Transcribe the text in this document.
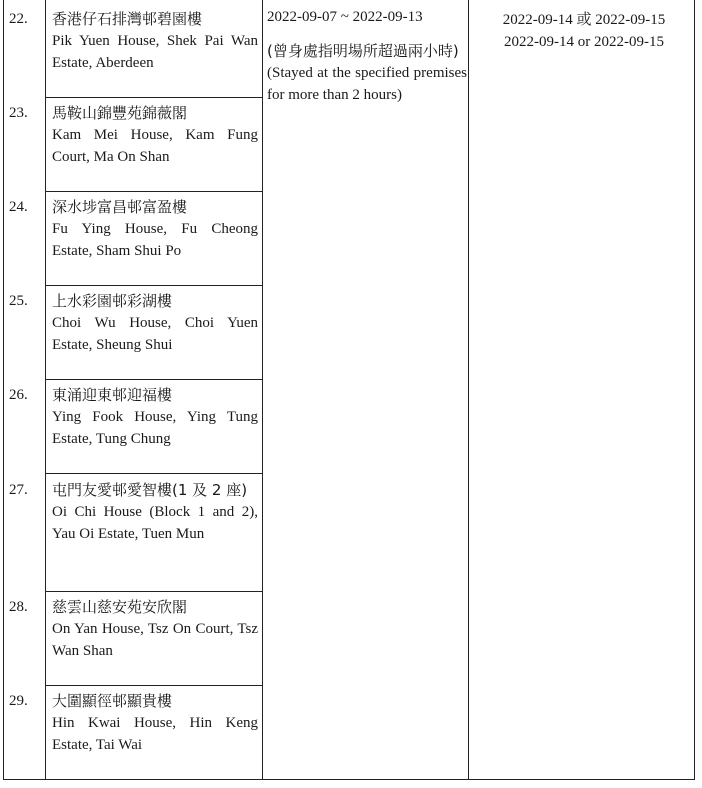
22.	香港仔石排灣邨碧園樓
Pik Yuen House, Shek Pai Wan Estate, Aberdeen
23.	馬鞍山錦豐苑錦薇閣
Kam Mei House, Kam Fung Court, Ma On Shan
24.	深水埗富昌邨富盈樓
Fu Ying House, Fu Cheong Estate, Sham Shui Po
25.	上水彩園邨彩湖樓
Choi Wu House, Choi Yuen Estate, Sheung Shui
26.	東涌迎東邨迎福樓
Ying Fook House, Ying Tung Estate, Tung Chung
27.	屯門友愛邨愛智樓(1 及 2 座)
Oi Chi House (Block 1 and 2), Yau Oi Estate, Tuen Mun
28.	慈雲山慈安苑安欣閣
On Yan House, Tsz On Court, Tsz Wan Shan
29.	大圍顯徑邨顯貴樓
Hin Kwai House, Hin Keng Estate, Tai Wai
2022-09-07 ~ 2022-09-13
(曾身處指明場所超過兩小時)
(Stayed at the specified premises for more than 2 hours)
2022-09-14 或 2022-09-15
2022-09-14 or 2022-09-15
